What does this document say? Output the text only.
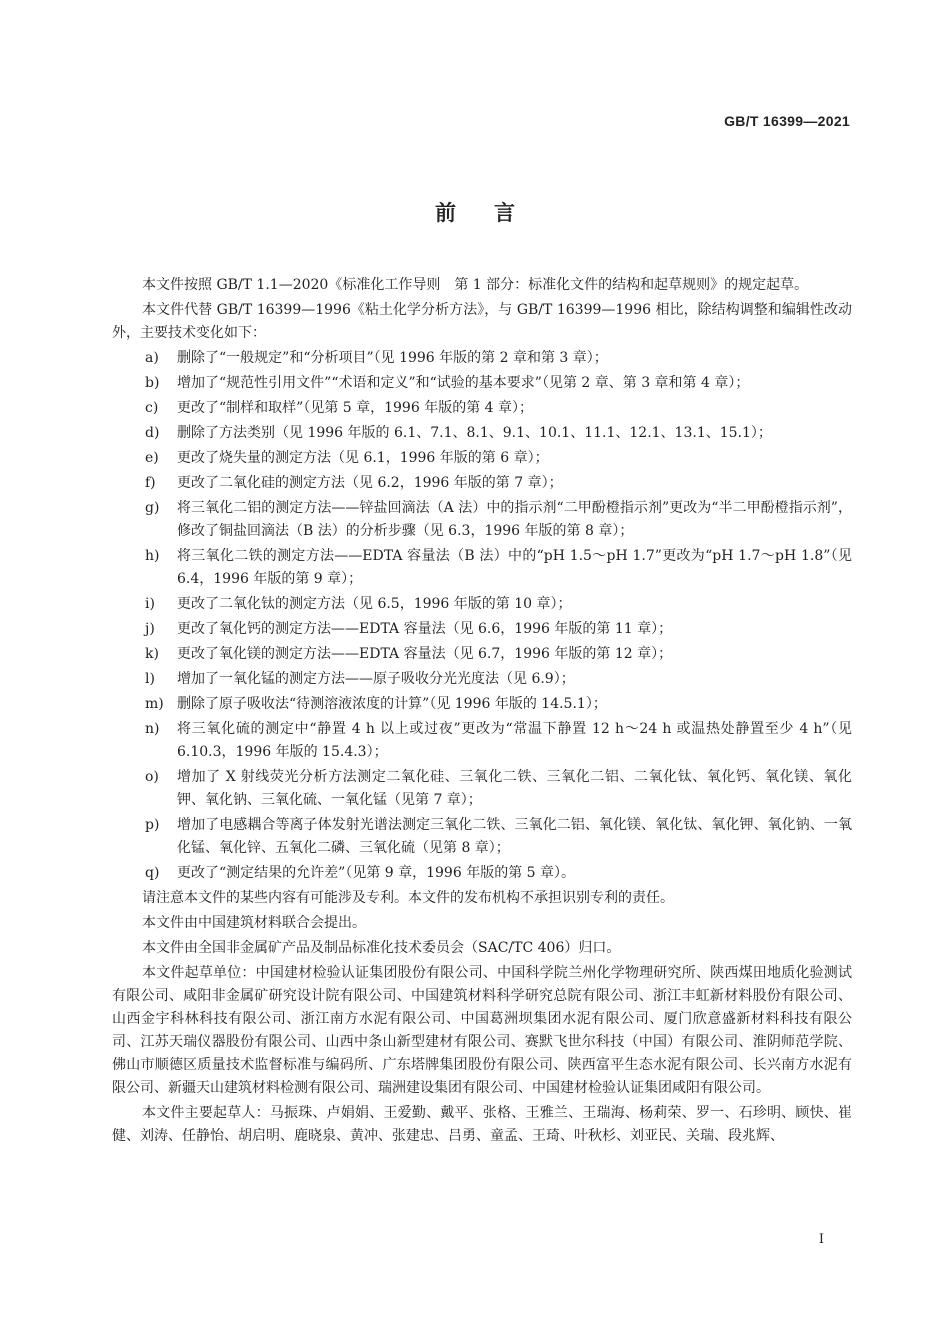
GB/T 16399—2021
前言

本文件按照 GB/T 1.1—2020《标准化工作导则　第 1 部分：标准化文件的结构和起草规则》的规定起草。

本文件代替 GB/T 16399—1996《粘土化学分析方法》，与 GB/T 16399—1996 相比，除结构调整和编辑性改动外，主要技术变化如下：

a)	删除了“一般规定”和“分析项目”（见 1996 年版的第 2 章和第 3 章）；
b)	增加了“规范性引用文件”“术语和定义”和“试验的基本要求”（见第 2 章、第 3 章和第 4 章）；
c)	更改了“制样和取样”（见第 5 章，1996 年版的第 4 章）；
d)	删除了方法类别（见 1996 年版的 6.1、7.1、8.1、9.1、10.1、11.1、12.1、13.1、15.1）；
e)	更改了烧失量的测定方法（见 6.1，1996 年版的第 6 章）；
f)	更改了二氧化硅的测定方法（见 6.2，1996 年版的第 7 章）；
g)	将三氧化二铝的测定方法——锌盐回滴法（A 法）中的指示剂“二甲酚橙指示剂”更改为“半二甲酚橙指示剂”，修改了铜盐回滴法（B 法）的分析步骤（见 6.3，1996 年版的第 8 章）；
h)	将三氧化二铁的测定方法——EDTA 容量法（B 法）中的“pH 1.5～pH 1.7”更改为“pH 1.7～pH 1.8”（见 6.4，1996 年版的第 9 章）；
i)	更改了二氧化钛的测定方法（见 6.5，1996 年版的第 10 章）；
j)	更改了氧化钙的测定方法——EDTA 容量法（见 6.6，1996 年版的第 11 章）；
k)	更改了氧化镁的测定方法——EDTA 容量法（见 6.7，1996 年版的第 12 章）；
l)	增加了一氧化锰的测定方法——原子吸收分光光度法（见 6.9）；
m) 删除了原子吸收法“待测溶液浓度的计算”（见 1996 年版的 14.5.1）；
n)	将三氧化硫的测定中“静置 4 h 以上或过夜”更改为“常温下静置 12 h～24 h 或温热处静置至少 4 h”（见 6.10.3，1996 年版的 15.4.3）；
o)	增加了 X 射线荧光分析方法测定二氧化硅、三氧化二铁、三氧化二铝、二氧化钛、氧化钙、氧化镁、氧化钾、氧化钠、三氧化硫、一氧化锰（见第 7 章）；
p)	增加了电感耦合等离子体发射光谱法测定三氧化二铁、三氧化二铝、氧化镁、氧化钛、氧化钾、氧化钠、一氧化锰、氧化锌、五氧化二磷、三氧化硫（见第 8 章）；
q)	更改了“测定结果的允许差”（见第 9 章，1996 年版的第 5 章）。

请注意本文件的某些内容有可能涉及专利。本文件的发布机构不承担识别专利的责任。

本文件由中国建筑材料联合会提出。

本文件由全国非金属矿产品及制品标准化技术委员会（SAC/TC 406）归口。

本文件起草单位：中国建材检验认证集团股份有限公司、中国科学院兰州化学物理研究所、陕西煤田地质化验测试有限公司、咸阳非金属矿研究设计院有限公司、中国建筑材料科学研究总院有限公司、浙江丰虹新材料股份有限公司、山西金宇科林科技有限公司、浙江南方水泥有限公司、中国葛洲坝集团水泥有限公司、厦门欣意盛新材料科技有限公司、江苏天瑞仪器股份有限公司、山西中条山新型建材有限公司、赛默飞世尔科技（中国）有限公司、淮阴师范学院、佛山市顺德区质量技术监督标准与编码所、广东塔牌集团股份有限公司、陕西富平生态水泥有限公司、长兴南方水泥有限公司、新疆天山建筑材料检测有限公司、瑞洲建设集团有限公司、中国建材检验认证集团咸阳有限公司。

本文件主要起草人：马振珠、卢娟娟、王爱勤、戴平、张格、王雅兰、王瑞海、杨莉荣、罗一、石珍明、顾快、崔健、刘涛、任静怡、胡启明、鹿晓泉、黄冲、张建忠、吕勇、童孟、王琦、叶秋杉、刘亚民、关瑞、段兆辉、

I
